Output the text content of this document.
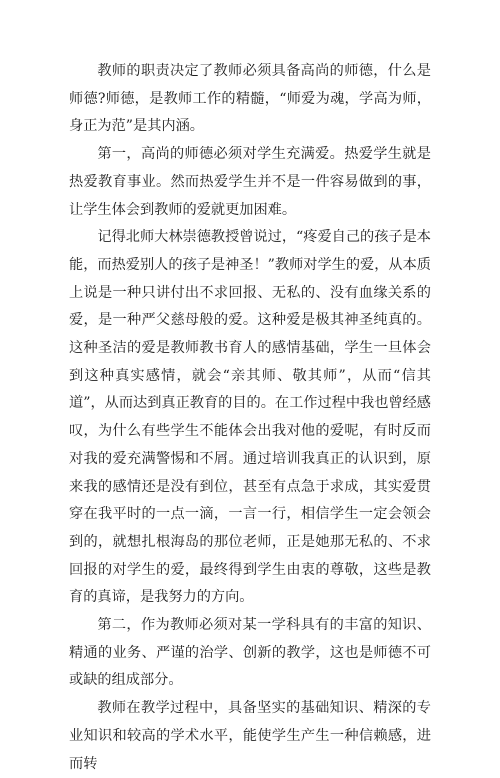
教师的职责决定了教师必须具备高尚的师德，什么是师德?师德，是教师工作的精髓，“师爱为魂，学高为师，身正为范”是其内涵。

第一，高尚的师德必须对学生充满爱。热爱学生就是热爱教育事业。然而热爱学生并不是一件容易做到的事，让学生体会到教师的爱就更加困难。

记得北师大林崇德教授曾说过，“疼爱自己的孩子是本能，而热爱别人的孩子是神圣！”教师对学生的爱，从本质上说是一种只讲付出不求回报、无私的、没有血缘关系的爱，是一种严父慈母般的爱。这种爱是极其神圣纯真的。这种圣洁的爱是教师教书育人的感情基础，学生一旦体会到这种真实感情，就会“亲其师、敬其师”，从而“信其道”，从而达到真正教育的目的。在工作过程中我也曾经感叹，为什么有些学生不能体会出我对他的爱呢，有时反而对我的爱充满警惕和不屑。通过培训我真正的认识到，原来我的感情还是没有到位，甚至有点急于求成，其实爱贯穿在我平时的一点一滴，一言一行，相信学生一定会领会到的，就想扎根海岛的那位老师，正是她那无私的、不求回报的对学生的爱，最终得到学生由衷的尊敬，这些是教育的真谛，是我努力的方向。

第二，作为教师必须对某一学科具有的丰富的知识、精通的业务、严谨的治学、创新的教学，这也是师德不可或缺的组成部分。

教师在教学过程中，具备坚实的基础知识、精深的专业知识和较高的学术水平，能使学生产生一种信赖感，进而转
